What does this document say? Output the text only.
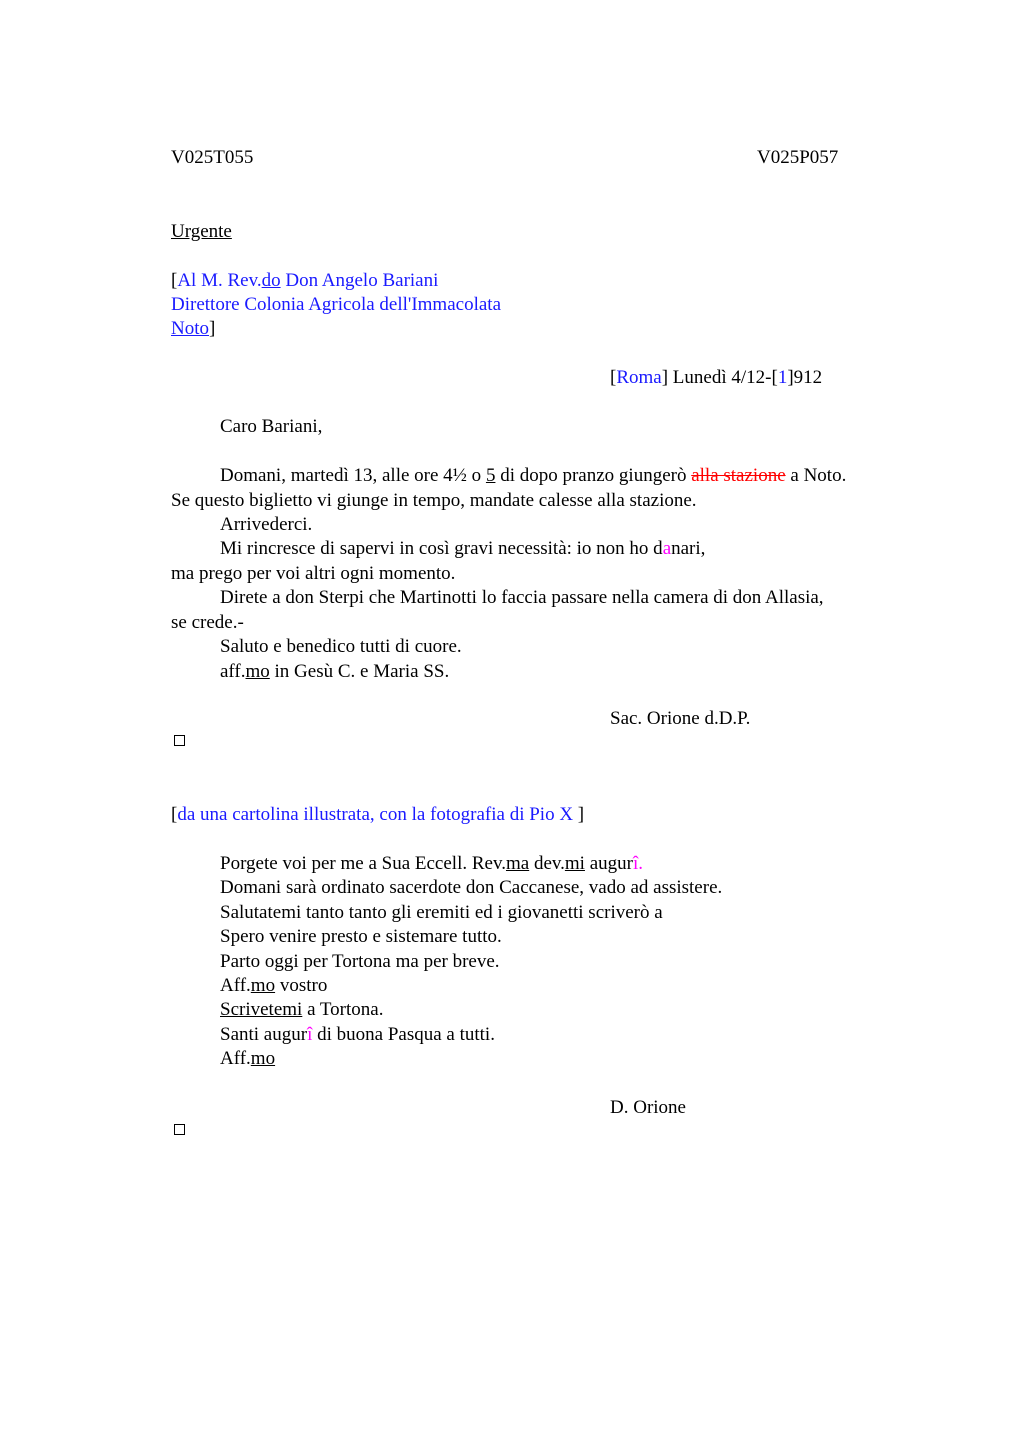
V025T055	V025P057
Urgente
[Al M. Rev.do Don Angelo Bariani
Direttore Colonia Agricola dell'Immacolata
Noto]
[Roma] Lunedì 4/12-[1]912
Caro Bariani,
Domani, martedì 13, alle ore 4½ o 5 di dopo pranzo giungerò alla stazione a Noto.
Se questo biglietto vi giunge in tempo, mandate calesse alla stazione.
Arrivederci.
Mi rincresce di sapervi in così gravi necessità: io non ho danari,
ma prego per voi altri ogni momento.
Direte a don Sterpi che Martinotti lo faccia passare nella camera di don Allasia,
se crede.-
Saluto e benedico tutti di cuore.
aff.mo in Gesù C. e Maria SS.
Sac. Orione d.D.P.
[da una cartolina illustrata, con la fotografia di Pio X ]
Porgete voi per me a Sua Eccell. Rev.ma dev.mi augurî.
Domani sarà ordinato sacerdote don Caccanese, vado ad assistere.
Salutatemi tanto tanto gli eremiti ed i giovanetti scriverò a
Spero venire presto e sistemare tutto.
Parto oggi per Tortona ma per breve.
Aff.mo vostro
Scrivetemi a Tortona.
Santi augurî di buona Pasqua a tutti.
Aff.mo
D. Orione
